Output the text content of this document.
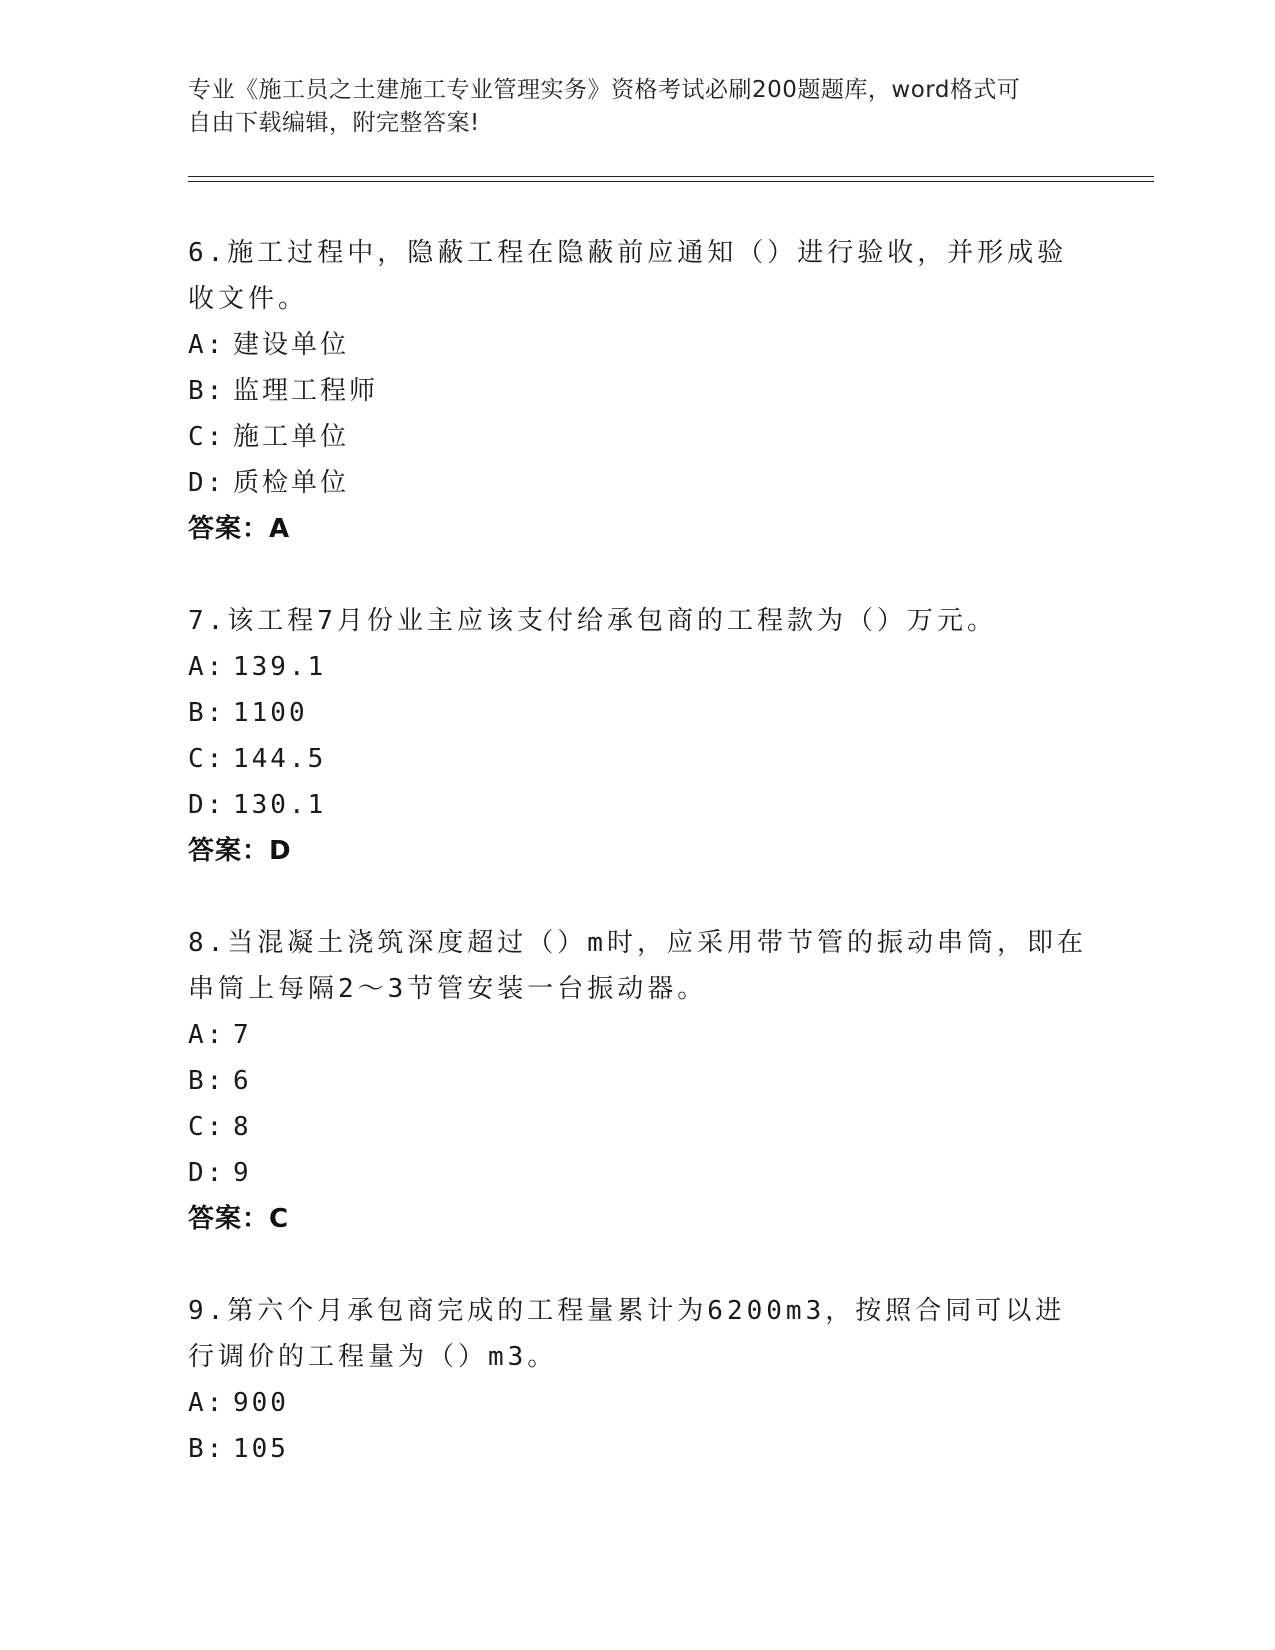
专业《施工员之土建施工专业管理实务》资格考试必刷200题题库，word格式可
自由下载编辑，附完整答案!

6.施工过程中，隐蔽工程在隐蔽前应通知（）进行验收，并形成验收文件。

A: 建设单位
B: 监理工程师
C: 施工单位
D: 质检单位
答案：A

7.该工程7月份业主应该支付给承包商的工程款为（）万元。

A: 139.1
B: 1100
C: 144.5
D: 130.1
答案：D

8.当混凝土浇筑深度超过（）m时，应采用带节管的振动串筒，即在串筒上每隔2～3节管安装一台振动器。

A: 7
B: 6
C: 8
D: 9
答案：C

9.第六个月承包商完成的工程量累计为6200m3，按照合同可以进行调价的工程量为（）m3。

A: 900
B: 105
